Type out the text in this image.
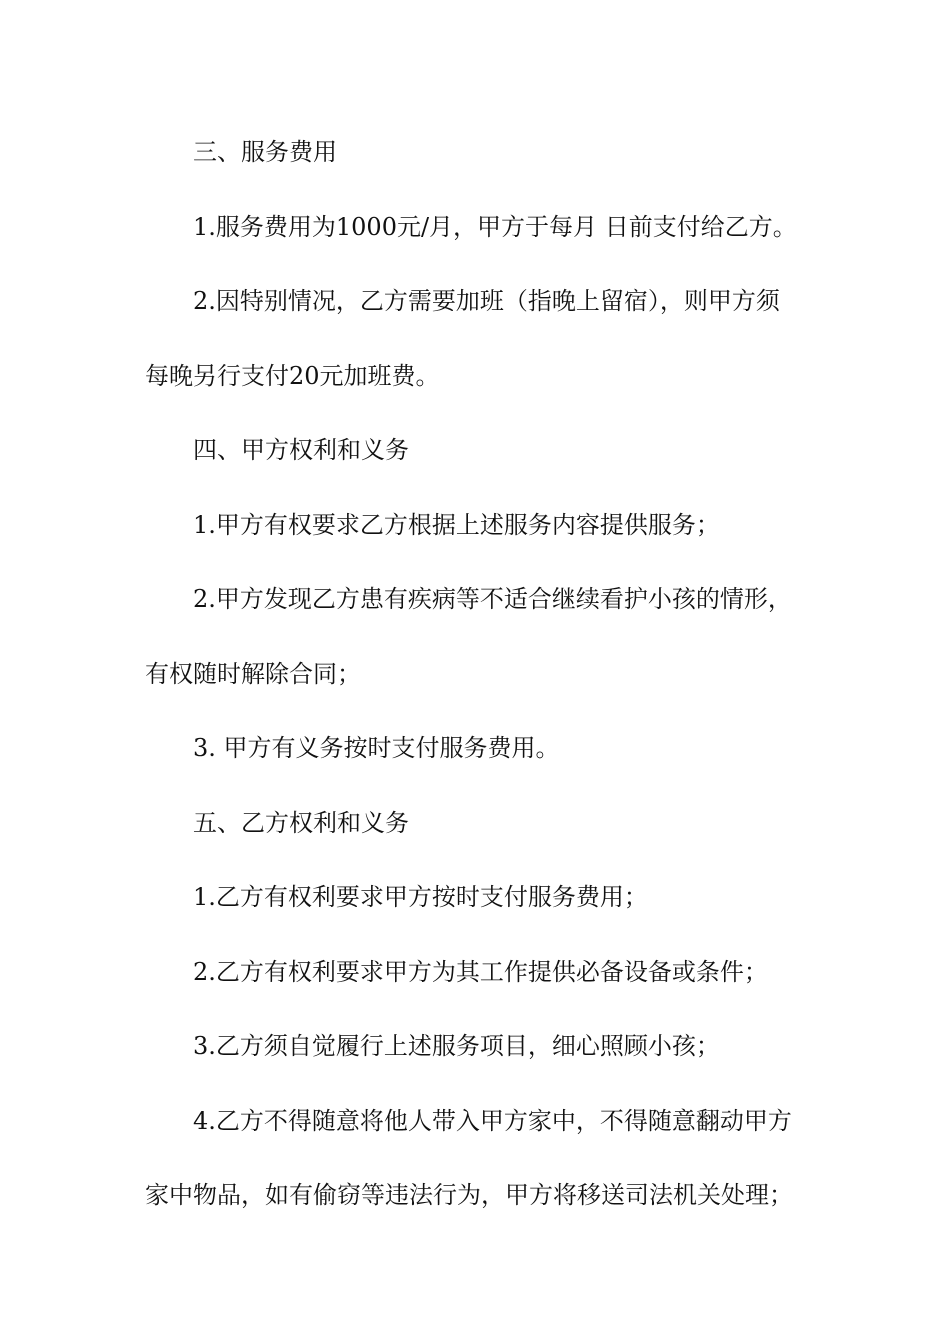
三、服务费用
1.服务费用为1000元/月，甲方于每月 日前支付给乙方。
2.因特别情况，乙方需要加班（指晚上留宿），则甲方须
每晚另行支付20元加班费。
四、甲方权利和义务
1.甲方有权要求乙方根据上述服务内容提供服务；
2.甲方发现乙方患有疾病等不适合继续看护小孩的情形，
有权随时解除合同；
3. 甲方有义务按时支付服务费用。
五、乙方权利和义务
1.乙方有权利要求甲方按时支付服务费用；
2.乙方有权利要求甲方为其工作提供必备设备或条件；
3.乙方须自觉履行上述服务项目，细心照顾小孩；
4.乙方不得随意将他人带入甲方家中，不得随意翻动甲方
家中物品，如有偷窃等违法行为，甲方将移送司法机关处理；
